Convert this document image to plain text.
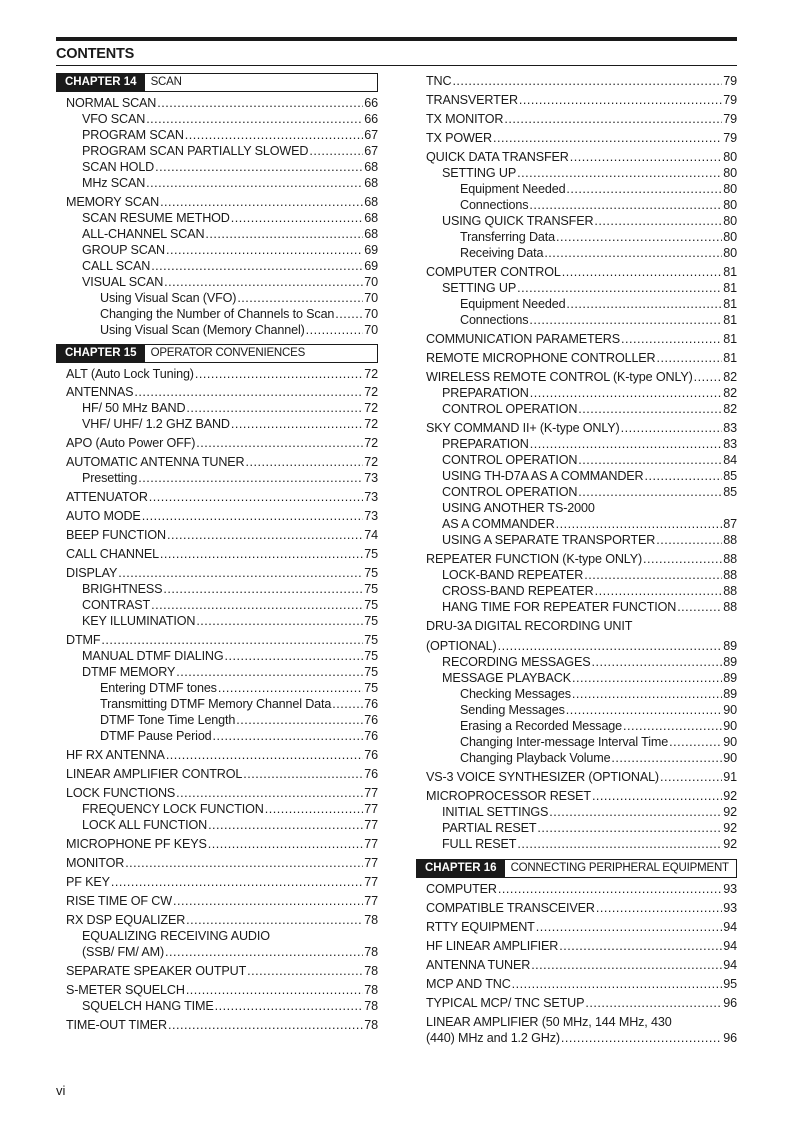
CONTENTS
CHAPTER 14	SCAN
NORMAL SCAN .....	66
VFO SCAN .....	66
PROGRAM SCAN .....	67
PROGRAM SCAN PARTIALLY SLOWED .....	67
SCAN HOLD .....	68
MHz SCAN .....	68
MEMORY SCAN .....	68
SCAN RESUME METHOD .....	68
ALL-CHANNEL SCAN .....	68
GROUP SCAN .....	69
CALL SCAN .....	69
VISUAL SCAN .....	70
Using Visual Scan (VFO) .....	70
Changing the Number of Channels to Scan ..... 70
Using Visual Scan (Memory Channel) .....	70
CHAPTER 15	OPERATOR CONVENIENCES
ALT (Auto Lock Tuning) .....	72
ANTENNAS .....	72
HF/ 50 MHz BAND .....	72
VHF/ UHF/ 1.2 GHZ BAND .....	72
APO (Auto Power OFF) .....	72
AUTOMATIC ANTENNA TUNER .....	72
Presetting .....	73
ATTENUATOR .....	73
AUTO MODE .....	73
BEEP FUNCTION .....	74
CALL CHANNEL .....	75
DISPLAY .....	75
BRIGHTNESS .....	75
CONTRAST .....	75
KEY ILLUMINATION .....	75
DTMF .....	75
MANUAL DTMF DIALING .....	75
DTMF MEMORY .....	75
Entering DTMF tones .....	75
Transmitting DTMF Memory Channel Data .....	76
DTMF Tone Time Length .....	76
DTMF Pause Period .....	76
HF RX ANTENNA .....	76
LINEAR AMPLIFIER CONTROL .....	76
LOCK FUNCTIONS .....	77
FREQUENCY LOCK FUNCTION .....	77
LOCK ALL FUNCTION .....	77
MICROPHONE PF KEYS .....	77
MONITOR .....	77
PF KEY .....	77
RISE TIME OF CW .....	77
RX DSP EQUALIZER .....	78
EQUALIZING RECEIVING AUDIO
(SSB/ FM/ AM) .....	78
SEPARATE SPEAKER OUTPUT .....	78
S-METER SQUELCH .....	78
SQUELCH HANG TIME .....	78
TIME-OUT TIMER .....	78
TNC .....	79
TRANSVERTER .....	79
TX MONITOR .....	79
TX POWER .....	79
QUICK DATA TRANSFER .....	80
SETTING UP .....	80
Equipment Needed .....	80
Connections .....	80
USING QUICK TRANSFER .....	80
Transferring Data .....	80
Receiving Data .....	80
COMPUTER CONTROL .....	81
SETTING UP .....	81
Equipment Needed .....	81
Connections .....	81
COMMUNICATION PARAMETERS .....	81
REMOTE MICROPHONE CONTROLLER .....	81
WIRELESS REMOTE CONTROL (K-type ONLY) ..... 82
PREPARATION .....	82
CONTROL OPERATION .....	82
SKY COMMAND II+ (K-type ONLY) .....	83
PREPARATION .....	83
CONTROL OPERATION .....	84
USING TH-D7A AS A COMMANDER .....	85
CONTROL OPERATION .....	85
USING ANOTHER TS-2000
AS A COMMANDER .....	87
USING A SEPARATE TRANSPORTER .....	88
REPEATER FUNCTION (K-type ONLY) .....	88
LOCK-BAND REPEATER .....	88
CROSS-BAND REPEATER .....	88
HANG TIME FOR REPEATER FUNCTION .....	88
DRU-3A DIGITAL RECORDING UNIT
(OPTIONAL) .....	89
RECORDING MESSAGES .....	89
MESSAGE PLAYBACK .....	89
Checking Messages .....	89
Sending Messages .....	90
Erasing a Recorded Message .....	90
Changing Inter-message Interval Time .....	90
Changing Playback Volume .....	90
VS-3 VOICE SYNTHESIZER (OPTIONAL) .....	91
MICROPROCESSOR RESET .....	92
INITIAL SETTINGS .....	92
PARTIAL RESET .....	92
FULL RESET .....	92
CHAPTER 16	CONNECTING PERIPHERAL EQUIPMENT
COMPUTER .....	93
COMPATIBLE TRANSCEIVER .....	93
RTTY EQUIPMENT .....	94
HF LINEAR AMPLIFIER .....	94
ANTENNA TUNER .....	94
MCP AND TNC .....	95
TYPICAL MCP/ TNC SETUP .....	96
LINEAR AMPLIFIER (50 MHz, 144 MHz, 430
(440) MHz and 1.2 GHz) .....	96
vi
